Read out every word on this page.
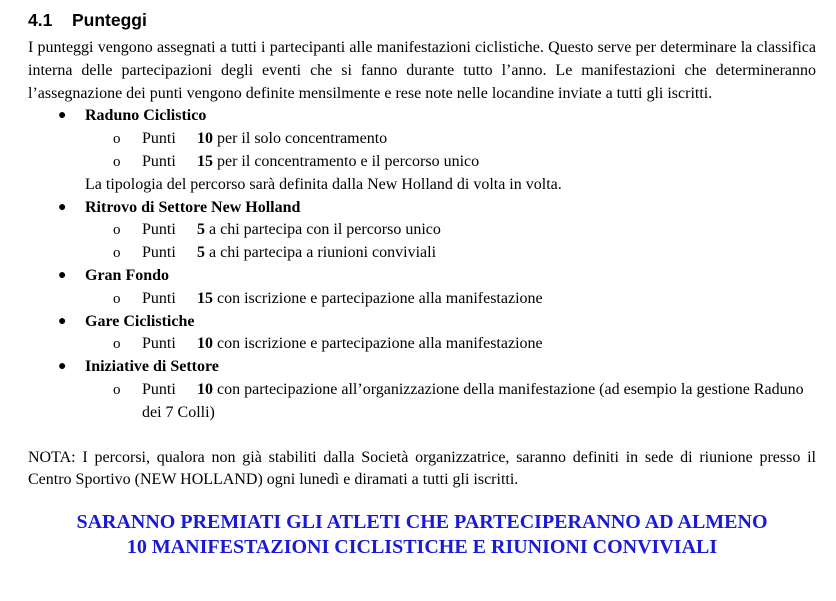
4.1 Punteggi

I punteggi vengono assegnati a tutti i partecipanti alle manifestazioni ciclistiche. Questo serve per determinare la classifica interna delle partecipazioni degli eventi che si fanno durante tutto l’anno. Le manifestazioni che determineranno l’assegnazione dei punti vengono definite mensilmente e rese note nelle locandine inviate a tutti gli iscritti.

● Raduno Ciclistico
o Punti 10 per il solo concentramento
o Punti 15 per il concentramento e il percorso unico
La tipologia del percorso sarà definita dalla New Holland di volta in volta.
● Ritrovo di Settore New Holland
o Punti 5 a chi partecipa con il percorso unico
o Punti 5 a chi partecipa a riunioni conviviali
● Gran Fondo
o Punti 15 con iscrizione e partecipazione alla manifestazione
● Gare Ciclistiche
o Punti 10 con iscrizione e partecipazione alla manifestazione
● Iniziative di Settore
o Punti 10 con partecipazione all’organizzazione della manifestazione (ad esempio la gestione Raduno dei 7 Colli)

NOTA: I percorsi, qualora non già stabiliti dalla Società organizzatrice, saranno definiti in sede di riunione presso il Centro Sportivo (NEW HOLLAND) ogni lunedì e diramati a tutti gli iscritti.

SARANNO PREMIATI GLI ATLETI CHE PARTECIPERANNO AD ALMENO
10 MANIFESTAZIONI CICLISTICHE E RIUNIONI CONVIVIALI
